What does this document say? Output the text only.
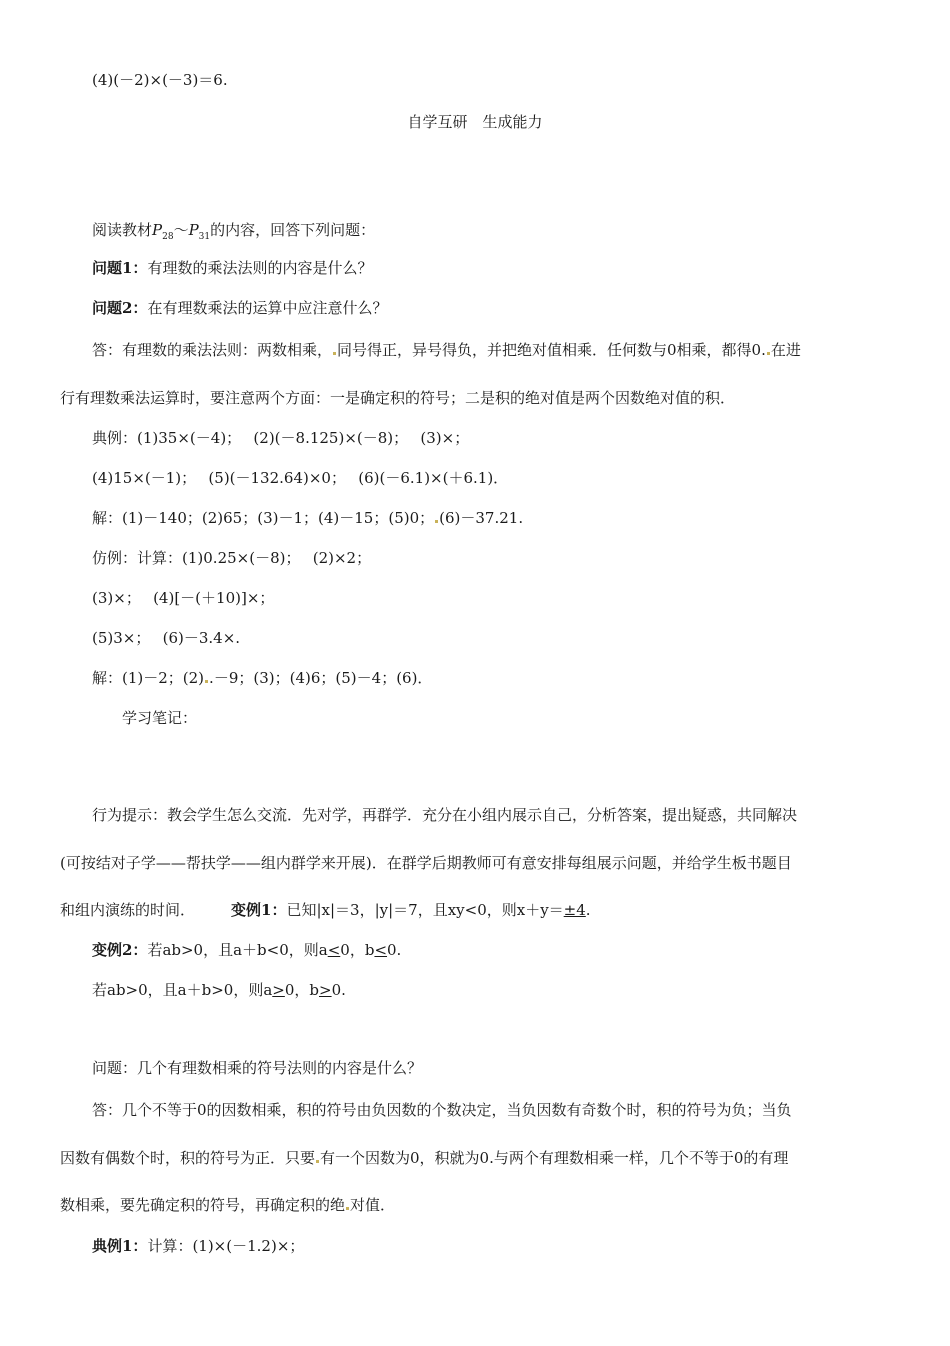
(4)(－2)×(－3)＝6.
自学互研　生成能力
阅读教材$P_{28}\sim P_{31}$的内容，回答下列问题：
问题1：有理数的乘法法则的内容是什么？
问题2：在有理数乘法的运算中应注意什么？
答：有理数的乘法法则：两数相乘， 同号得正，异号得负，并把绝对值相乘．任何数与0相乘，都得0. 在进
行有理数乘法运算时，要注意两个方面：一是确定积的符号；二是积的绝对值是两个因数绝对值的积．
典例：(1)35×(－4)；　 (2)(－8.125)×(－8)；　 (3)×；
(4)15×(－1)；　 (5)(－132.64)×0；　 (6)(－6.1)×(＋6.1)．
解：(1)－140；(2)65；(3)－1；(4)－15；(5)0； (6)－37.21.
仿例：计算：(1)0.25×(－8)；　 (2)×2；
(3)×；　 (4)[－(＋10)]×；
(5)3×；　 (6)－3.4×.
解：(1)－2；(2) .－9；(3)；(4)6；(5)－4；(6)．
学习笔记：
行为提示：教会学生怎么交流．先对学，再群学．充分在小组内展示自己，分析答案，提出疑惑，共同解决
(可按结对子学——帮扶学——组内群学来开展)．在群学后期教师可有意安排每组展示问题，并给学生板书题目
和组内演练的时间． 变例1：已知|x|＝3，|y|＝7，且xy<0，则x＋y＝±4.
变例2：若ab>0，且a＋b<0，则a<0，b<0.
若ab>0，且a＋b>0，则a>0，b>0.
问题：几个有理数相乘的符号法则的内容是什么？
答：几个不等于0的因数相乘，积的符号由负因数的个数决定，当负因数有奇数个时，积的符号为负；当负
因数有偶数个时，积的符号为正．只要 有一个因数为0，积就为0.与两个有理数相乘一样，几个不等于0的有理
数相乘，要先确定积的符号，再确定积的绝 对值．
典例1：计算：(1)×(－1.2)×；
